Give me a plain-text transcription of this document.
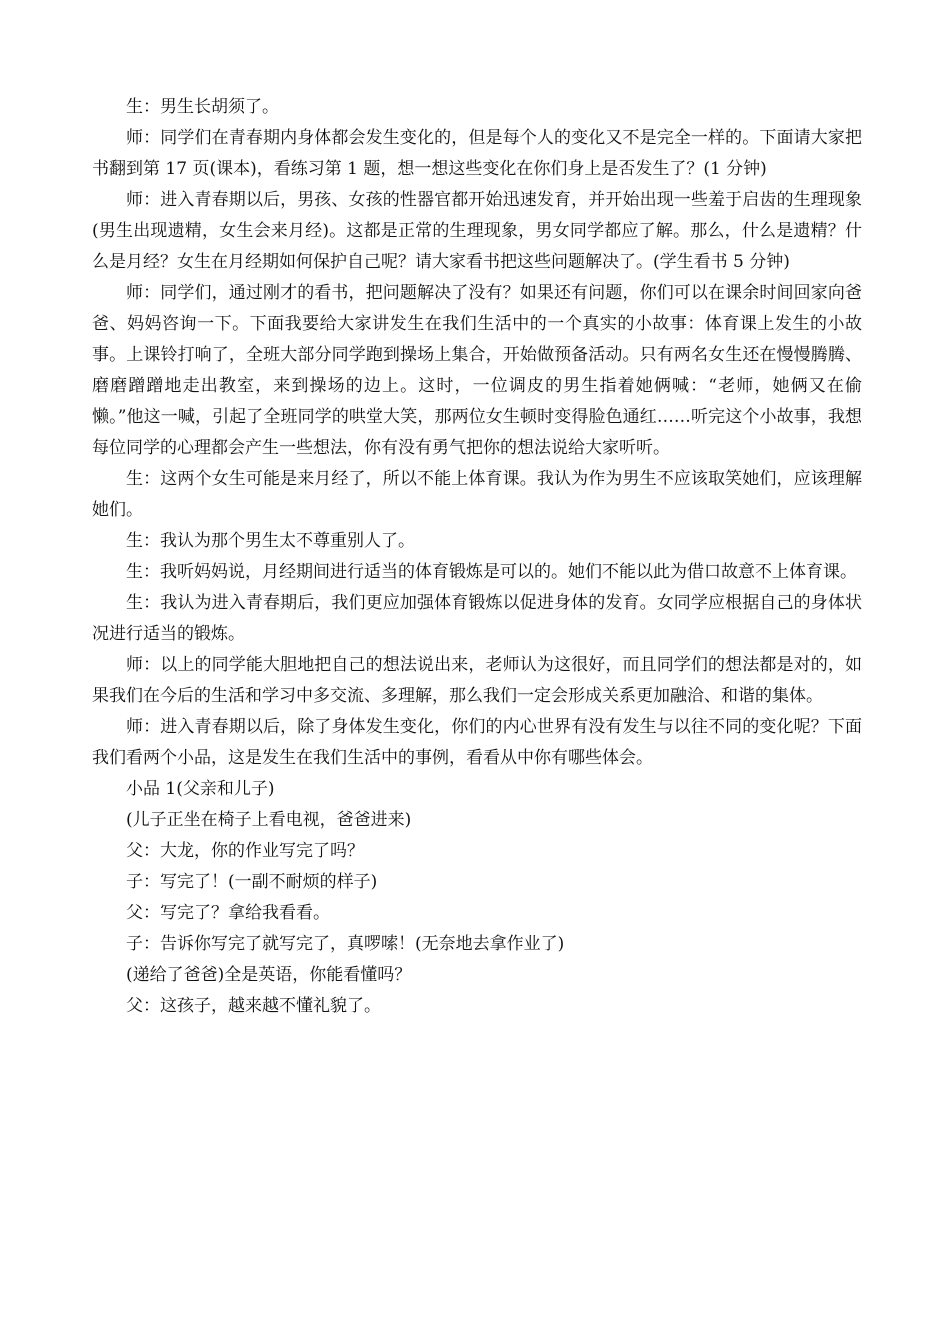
生：男生长胡须了。

师：同学们在青春期内身体都会发生变化的，但是每个人的变化又不是完全一样的。下面请大家把书翻到第 17 页(课本)，看练习第 1 题，想一想这些变化在你们身上是否发生了？(1 分钟)

师：进入青春期以后，男孩、女孩的性器官都开始迅速发育，并开始出现一些羞于启齿的生理现象(男生出现遗精，女生会来月经)。这都是正常的生理现象，男女同学都应了解。那么，什么是遗精？什么是月经？女生在月经期如何保护自己呢？请大家看书把这些问题解决了。(学生看书 5 分钟)

师：同学们，通过刚才的看书，把问题解决了没有？如果还有问题，你们可以在课余时间回家向爸爸、妈妈咨询一下。下面我要给大家讲发生在我们生活中的一个真实的小故事：体育课上发生的小故事。上课铃打响了，全班大部分同学跑到操场上集合，开始做预备活动。只有两名女生还在慢慢腾腾、磨磨蹭蹭地走出教室，来到操场的边上。这时，一位调皮的男生指着她俩喊：“老师，她俩又在偷懒。”他这一喊，引起了全班同学的哄堂大笑，那两位女生顿时变得脸色通红……听完这个小故事，我想每位同学的心理都会产生一些想法，你有没有勇气把你的想法说给大家听听。

生：这两个女生可能是来月经了，所以不能上体育课。我认为作为男生不应该取笑她们，应该理解她们。

生：我认为那个男生太不尊重别人了。

生：我听妈妈说，月经期间进行适当的体育锻炼是可以的。她们不能以此为借口故意不上体育课。

生：我认为进入青春期后，我们更应加强体育锻炼以促进身体的发育。女同学应根据自己的身体状况进行适当的锻炼。

师：以上的同学能大胆地把自己的想法说出来，老师认为这很好，而且同学们的想法都是对的，如果我们在今后的生活和学习中多交流、多理解，那么我们一定会形成关系更加融洽、和谐的集体。

师：进入青春期以后，除了身体发生变化，你们的内心世界有没有发生与以往不同的变化呢？下面我们看两个小品，这是发生在我们生活中的事例，看看从中你有哪些体会。

小品 1(父亲和儿子)

(儿子正坐在椅子上看电视，爸爸进来)

父：大龙，你的作业写完了吗？

子：写完了！(一副不耐烦的样子)

父：写完了？拿给我看看。

子：告诉你写完了就写完了，真啰嗦！(无奈地去拿作业了)

(递给了爸爸)全是英语，你能看懂吗？

父：这孩子，越来越不懂礼貌了。
